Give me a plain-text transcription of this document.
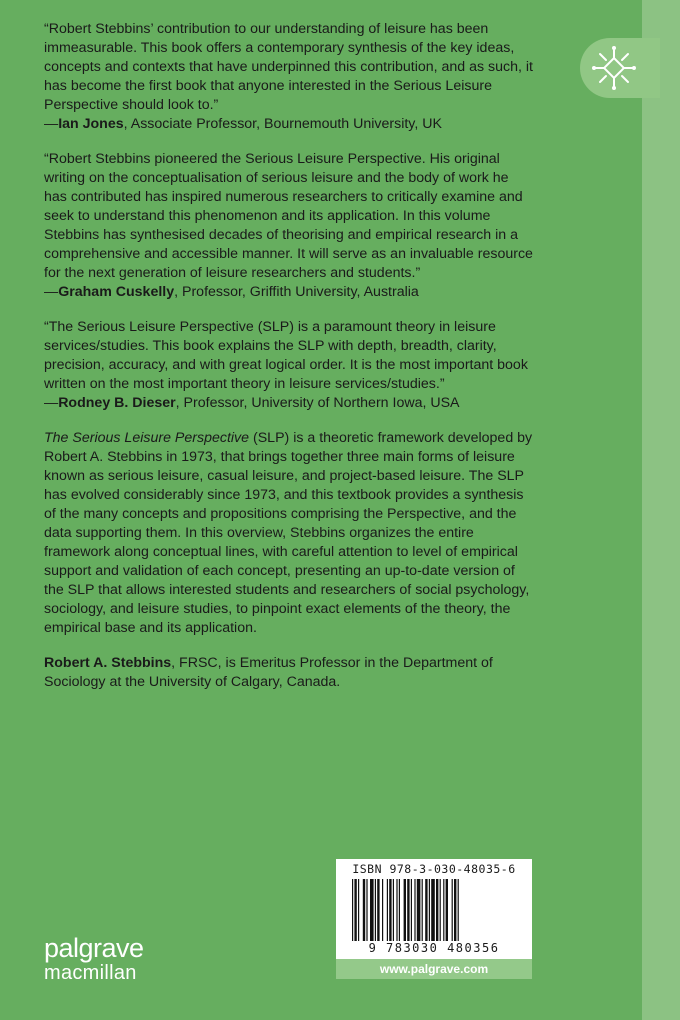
“Robert Stebbins’ contribution to our understanding of leisure has been immeasurable. This book offers a contemporary synthesis of the key ideas, concepts and contexts that have underpinned this contribution, and as such, it has become the first book that anyone interested in the Serious Leisure Perspective should look to.”

—Ian Jones, Associate Professor, Bournemouth University, UK

“Robert Stebbins pioneered the Serious Leisure Perspective. His original writing on the conceptualisation of serious leisure and the body of work he has contributed has inspired numerous researchers to critically examine and seek to understand this phenomenon and its application. In this volume Stebbins has synthesised decades of theorising and empirical research in a comprehensive and accessible manner. It will serve as an invaluable resource for the next generation of leisure researchers and students.”

—Graham Cuskelly, Professor, Griffith University, Australia

“The Serious Leisure Perspective (SLP) is a paramount theory in leisure services/studies. This book explains the SLP with depth, breadth, clarity, precision, accuracy, and with great logical order. It is the most important book written on the most important theory in leisure services/studies.”

—Rodney B. Dieser, Professor, University of Northern Iowa, USA

The Serious Leisure Perspective (SLP) is a theoretic framework developed by Robert A. Stebbins in 1973, that brings together three main forms of leisure known as serious leisure, casual leisure, and project-based leisure. The SLP has evolved considerably since 1973, and this textbook provides a synthesis of the many concepts and propositions comprising the Perspective, and the data supporting them. In this overview, Stebbins organizes the entire framework along conceptual lines, with careful attention to level of empirical support and validation of each concept, presenting an up-to-date version of the SLP that allows interested students and researchers of social psychology, sociology, and leisure studies, to pinpoint exact elements of the theory, the empirical base and its application.

Robert A. Stebbins, FRSC, is Emeritus Professor in the Department of Sociology at the University of Calgary, Canada.

ISBN 978-3-030-48035-6
9 783030 480356
www.palgrave.com
palgrave
macmillan
